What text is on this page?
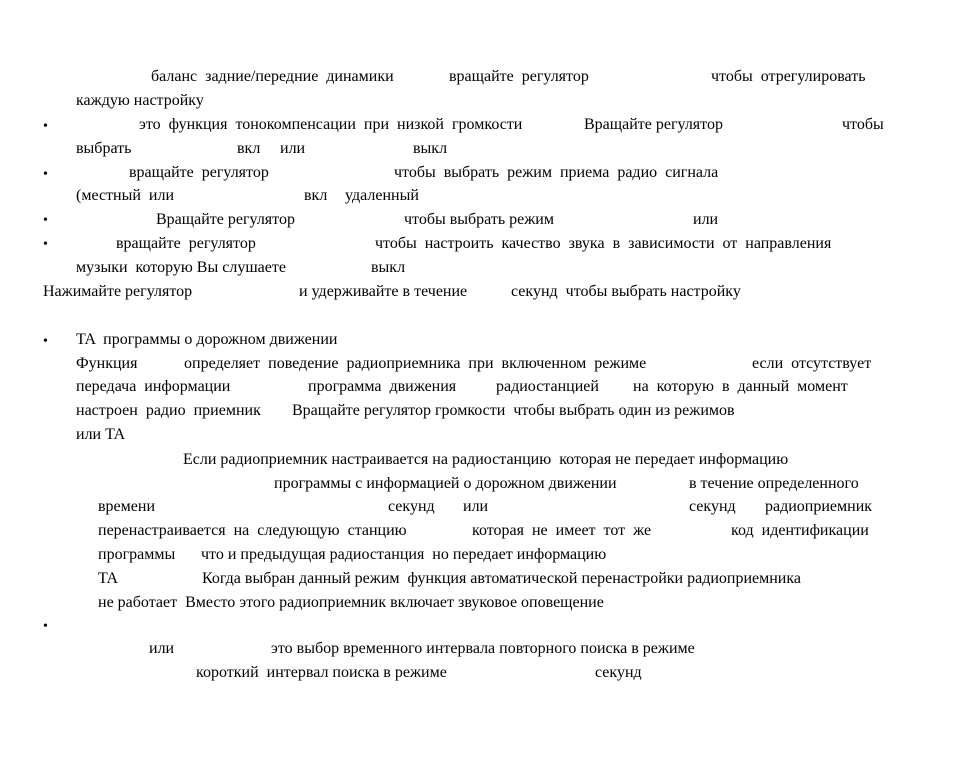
•
•
•
•
•
•
баланс  задние/передние  динамики	вращайте  регулятор	чтобы  отрегулировать
каждую настройку
это  функция  тонокомпенсации  при  низкой  громкости	Вращайте регулятор	чтобы
выбрать	вкл или	выкл
вращайте  регулятор	чтобы  выбрать  режим  приема  радио  сигнала
(местный  или	вкл удаленный
Вращайте регулятор	чтобы выбрать режим	или
вращайте  регулятор	чтобы  настроить  качество  звука  в  зависимости  от  направления
музыки  которую Вы слушаете	выкл
Нажимайте регулятор	и удерживайте в течение	секунд  чтобы выбрать настройку
TA  программы о дорожном движении
Функция	определяет  поведение  радиоприемника  при  включенном  режиме	если  отсутствует
передача  информации	программа  движения радиостанцией на  которую  в  данный  момент
настроен  радио  приемник Вращайте регулятор громкости  чтобы выбрать один из режимов
или TA
Если радиоприемник настраивается на радиостанцию  которая не передает информацию
программы с информацией о дорожном движении	в течение определенного
времени	секунд или	секунд радиоприемник
перенастраивается  на  следующую  станцию	которая  не  имеет  тот  же	код  идентификации
программы что и предыдущая радиостанция  но передает информацию
TA	Когда выбран данный режим  функция автоматической перенастройки радиоприемника
не работает  Вместо этого радиоприемник включает звуковое оповещение
или	это выбор временного интервала повторного поиска в режиме
короткий  интервал поиска в режиме	секунд
